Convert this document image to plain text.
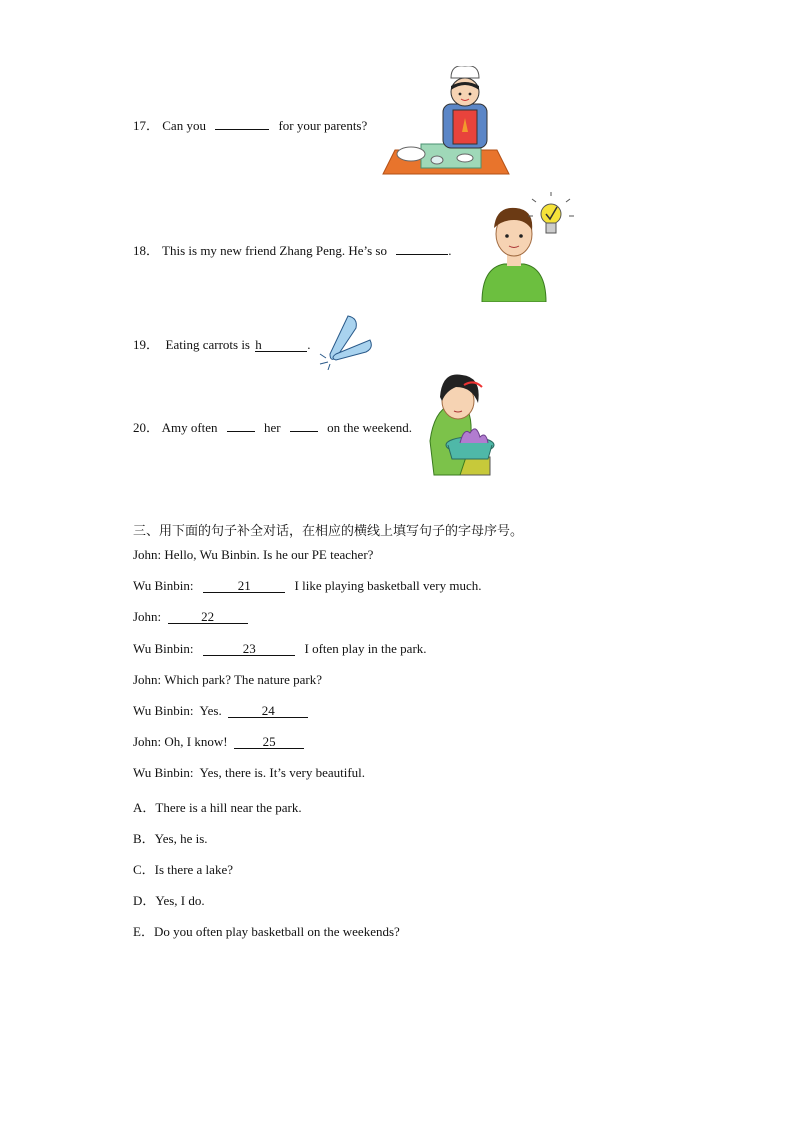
17． Can you	for your parents?
18． This is my new friend Zhang Peng. He’s so	.
19． Eating carrots is h	.
20． Amy often	her	on the weekend.
三、用下面的句子补全对话，在相应的横线上填写句子的字母序号。
John: Hello, Wu Binbin. Is he our PE teacher?
Wu Binbin:	21	I like playing basketball very much.
John:	22
Wu Binbin:	23	I often play in the park.
John: Which park? The nature park?
Wu Binbin: Yes.	24
John: Oh, I know!	25
Wu Binbin: Yes, there is. It’s very beautiful.
A．There is a hill near the park.
B．Yes, he is.
C．Is there a lake?
D．Yes, I do.
E．Do you often play basketball on the weekends?
